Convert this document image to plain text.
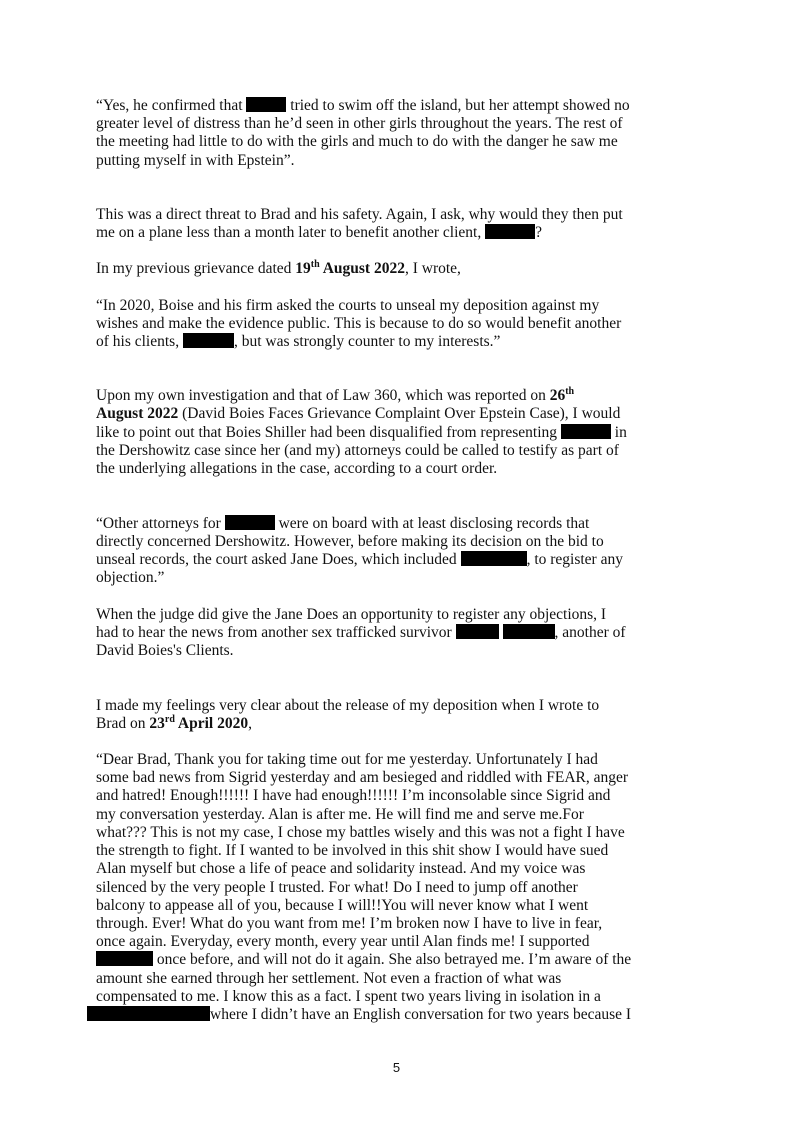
“Yes, he confirmed that	tried to swim off the island, but her attempt showed no
greater level of distress than he’d seen in other girls throughout the years. The rest of
the meeting had little to do with the girls and much to do with the danger he saw me
putting myself in with Epstein”.
This was a direct threat to Brad and his safety. Again, I ask, why would they then put
me on a plane less than a month later to benefit another client,	?
In my previous grievance dated 19th August 2022, I wrote,
“In 2020, Boise and his firm asked the courts to unseal my deposition against my
wishes and make the evidence public. This is because to do so would benefit another
of his clients,	, but was strongly counter to my interests.”
Upon my own investigation and that of Law 360, which was reported on 26th
August 2022 (David Boies Faces Grievance Complaint Over Epstein Case), I would
like to point out that Boies Shiller had been disqualified from representing	in
the Dershowitz case since her (and my) attorneys could be called to testify as part of
the underlying allegations in the case, according to a court order.
“Other attorneys for	were on board with at least disclosing records that
directly concerned Dershowitz. However, before making its decision on the bid to
unseal records, the court asked Jane Does, which included	, to register any
objection.”
When the judge did give the Jane Does an opportunity to register any objections, I
had to hear the news from another sex trafficked survivor	, another of
David Boies's Clients.
I made my feelings very clear about the release of my deposition when I wrote to
Brad on 23rd April 2020,
“Dear Brad, Thank you for taking time out for me yesterday. Unfortunately I had
some bad news from Sigrid yesterday and am besieged and riddled with FEAR, anger
and hatred! Enough!!!!!! I have had enough!!!!!! I’m inconsolable since Sigrid and
my conversation yesterday. Alan is after me. He will find me and serve me.For
what??? This is not my case, I chose my battles wisely and this was not a fight I have
the strength to fight. If I wanted to be involved in this shit show I would have sued
Alan myself but chose a life of peace and solidarity instead. And my voice was
silenced by the very people I trusted. For what! Do I need to jump off another
balcony to appease all of you, because I will!!You will never know what I went
through. Ever! What do you want from me! I’m broken now I have to live in fear,
once again. Everyday, every month, every year until Alan finds me! I supported
once before, and will not do it again. She also betrayed me. I’m aware of the
amount she earned through her settlement. Not even a fraction of what was
compensated to me. I know this as a fact. I spent two years living in isolation in a
where I didn’t have an English conversation for two years because I
5
